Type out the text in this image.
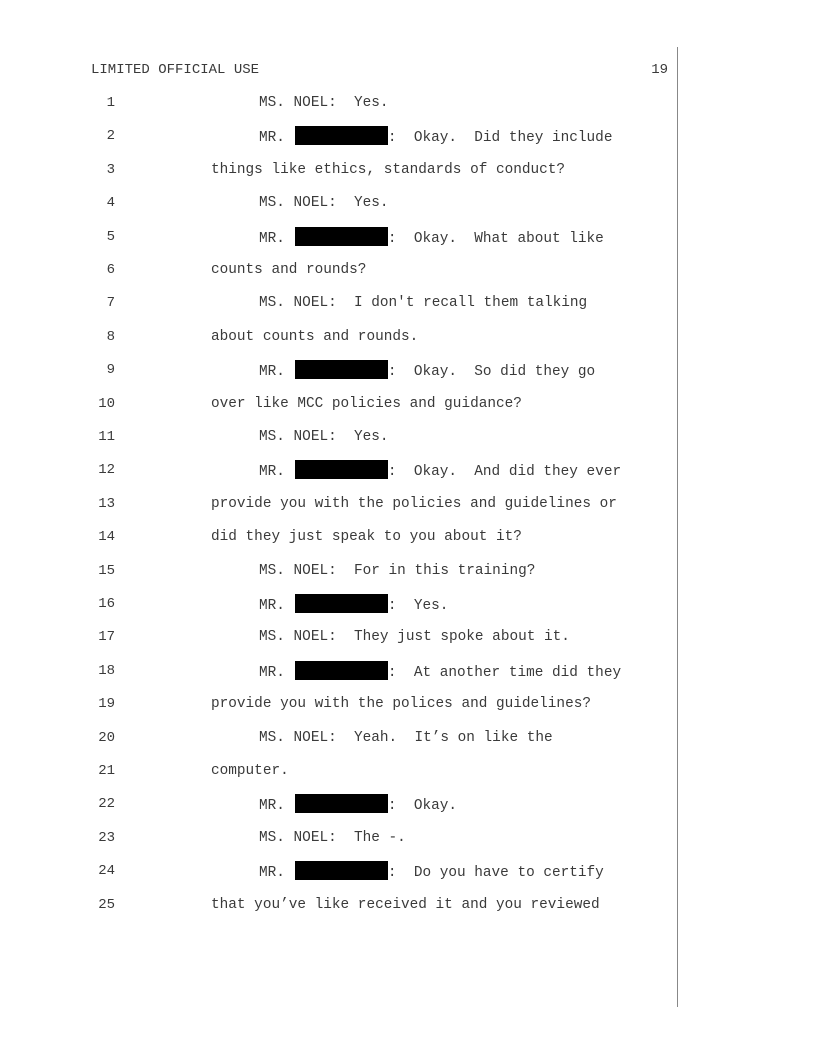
LIMITED OFFICIAL USE	19
1	MS. NOEL:  Yes.
2	MR.	:  Okay.  Did they include
3	things like ethics, standards of conduct?
4	MS. NOEL:  Yes.
5	MR.	:  Okay.  What about like
6	counts and rounds?
7	MS. NOEL:  I don't recall them talking
8	about counts and rounds.
9	MR.	:  Okay.  So did they go
10	over like MCC policies and guidance?
11	MS. NOEL:  Yes.
12	MR.	:  Okay.  And did they ever
13	provide you with the policies and guidelines or
14	did they just speak to you about it?
15	MS. NOEL:  For in this training?
16	MR.	:  Yes.
17	MS. NOEL:  They just spoke about it.
18	MR.	:  At another time did they
19	provide you with the polices and guidelines?
20	MS. NOEL:  Yeah.  It’s on like the
21	computer.
22	MR.	:  Okay.
23	MS. NOEL:  The -.
24	MR.	:  Do you have to certify
25	that you’ve like received it and you reviewed
